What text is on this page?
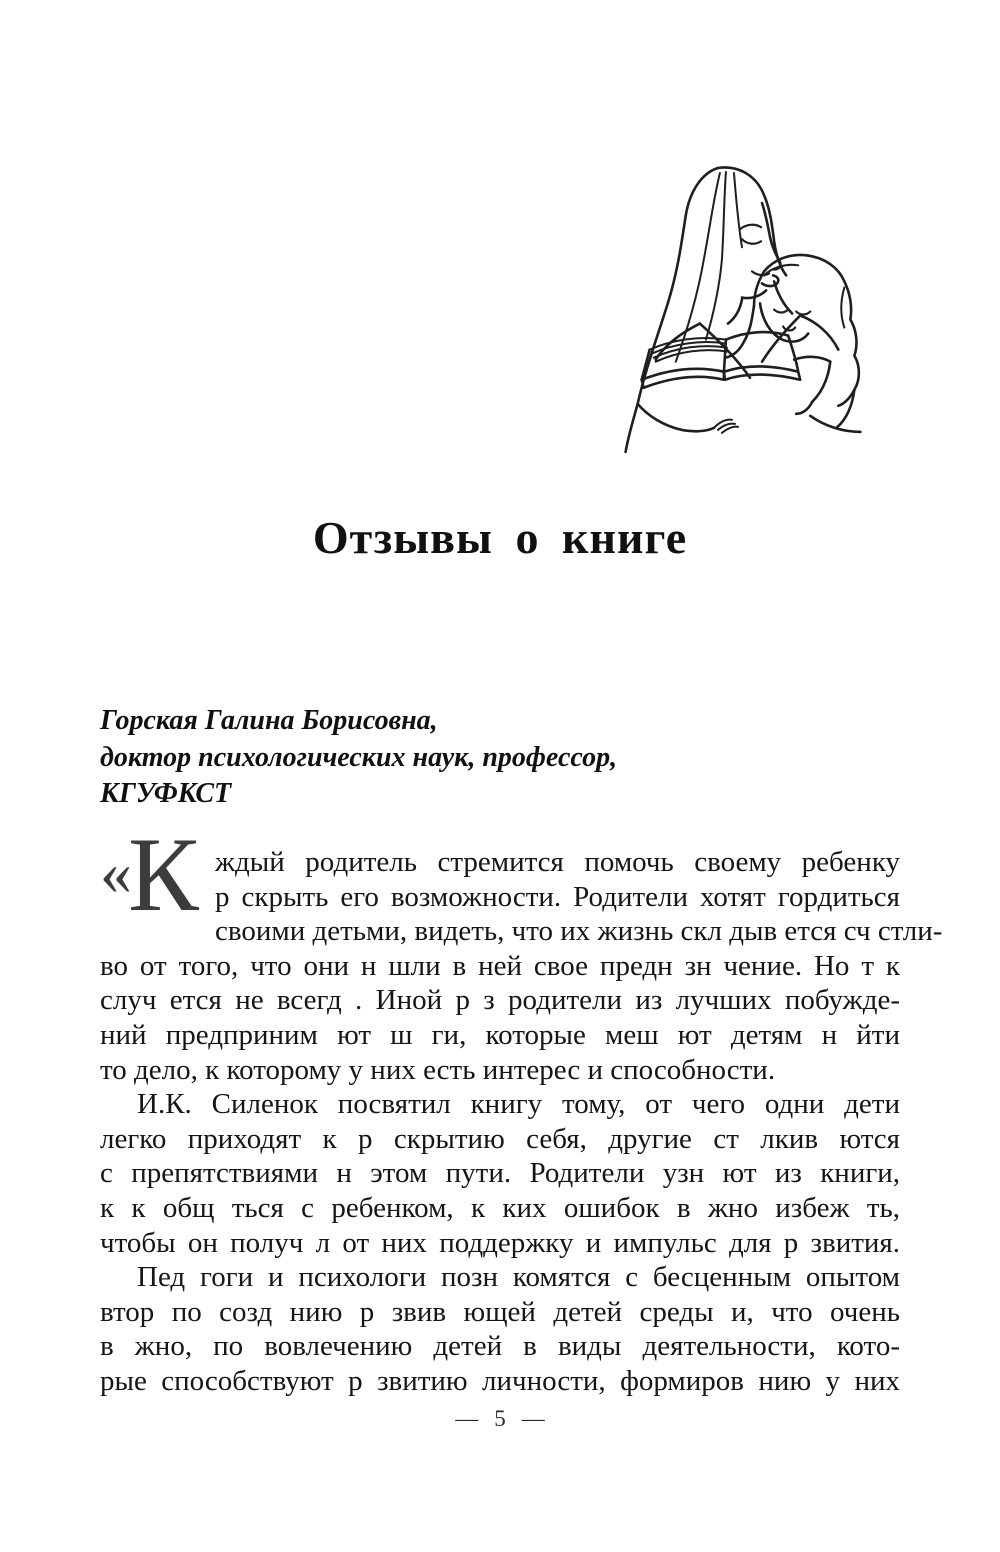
Отзывы о книге
Горская Галина Борисовна,
доктор психологических наук, профессор,
КГУФКСТ
«
К ждый родитель стремится помочь своему ребенку
р скрыть его возможности. Родители хотят гордиться
своими детьми, видеть, что их жизнь скл дыв ется сч стли-
во от того, что они н шли в ней свое предн зн чение. Но т к
случ ется не всегд . Иной р з родители из лучших побужде-
ний предприним ют ш ги, которые меш ют детям н йти
то дело, к которому у них есть интерес и способности.
И.К. Силенок посвятил книгу тому, от чего одни дети
легко приходят к р скрытию себя, другие ст лкив ются
с препятствиями н этом пути. Родители узн ют из книги,
к к общ ться с ребенком, к ких ошибок в жно избеж ть,
чтобы он получ л от них поддержку и импульс для р звития.
Пед гоги и психологи позн комятся с бесценным опытом
втор по созд нию р звив ющей детей среды и, что очень
в жно, по вовлечению детей в виды деятельности, кото-
рые способствуют р звитию личности, формиров нию у них
— 5 —
